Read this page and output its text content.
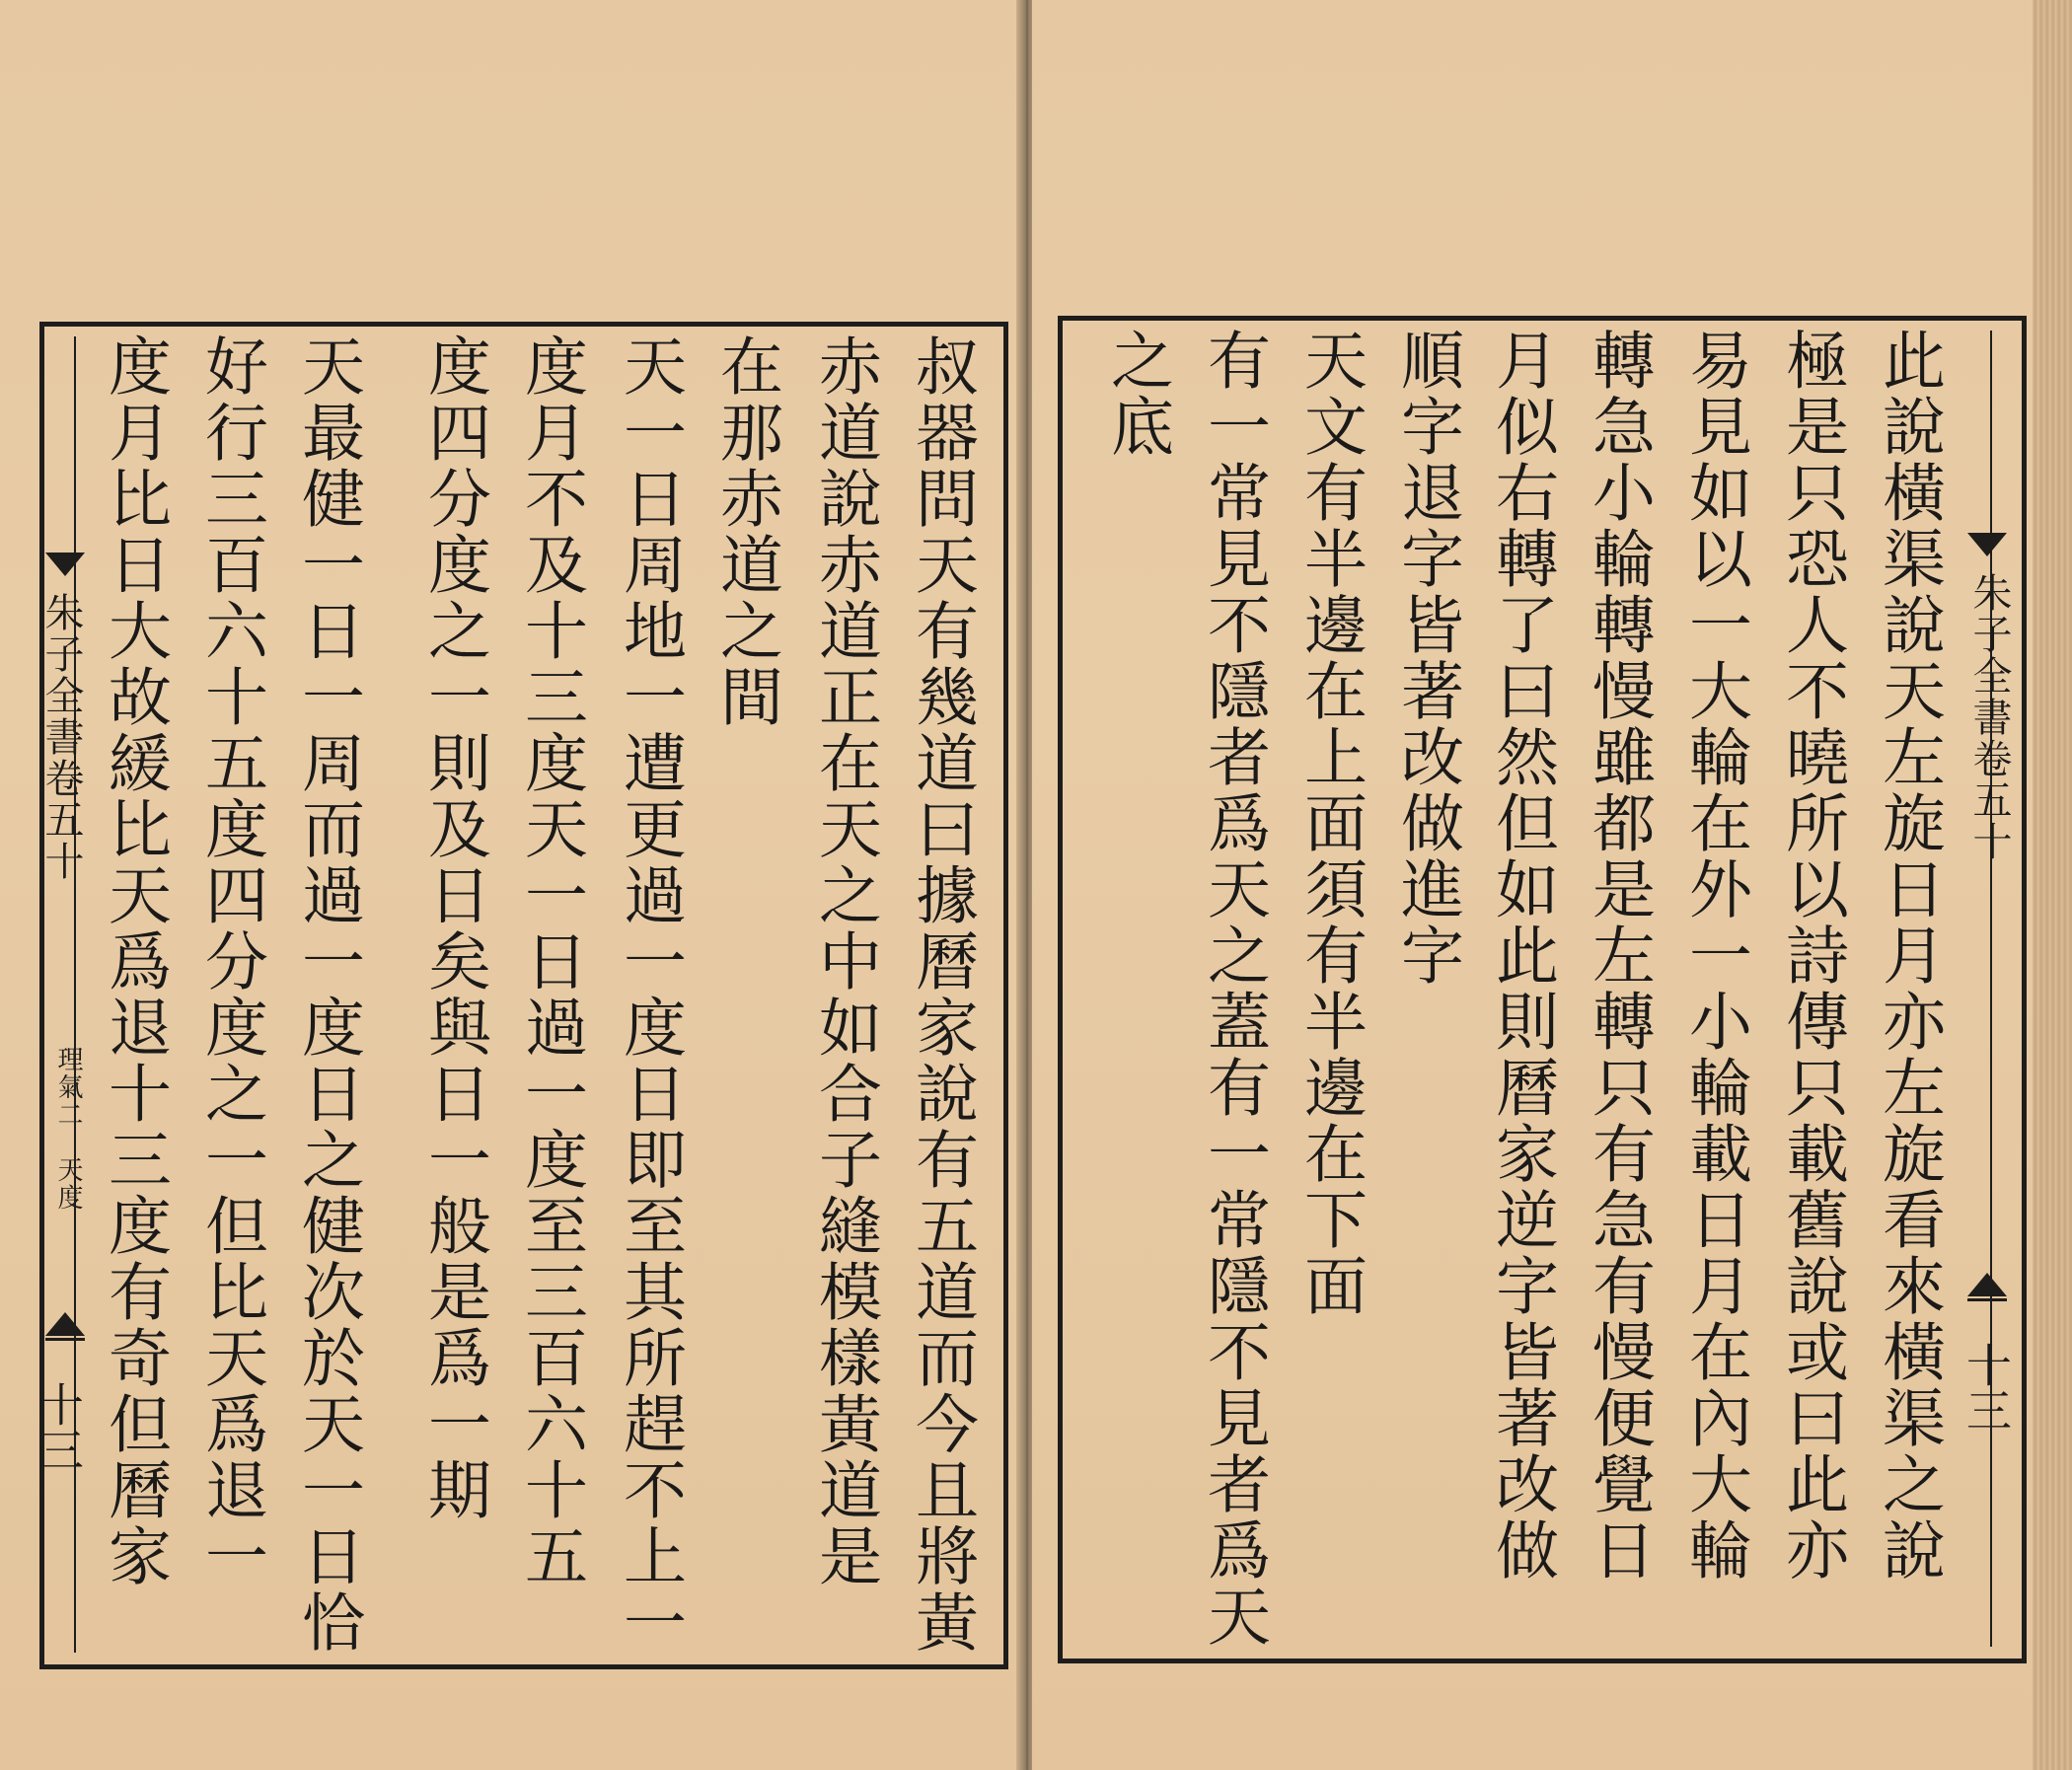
朱子全書卷五十
理氣二　天度
十三	叔器問天有幾道曰據曆家說有五道而今且將黃
赤道說赤道正在天之中如合子縫模樣黃道是
在那赤道之間
天一日周地一遭更過一度日即至其所趕不上一
度月不及十三度天一日過一度至三百六十五
度四分度之一則及日矣與日一般是爲一期
天最健一日一周而過一度日之健次於天一日恰
好行三百六十五度四分度之一但比天爲退一
度月比日大故緩比天爲退十三度有奇但曆家	朱子全書卷五十
十三
此說橫渠說天左旋日月亦左旋看來橫渠之說
極是只恐人不曉所以詩傳只載舊說或曰此亦
易見如以一大輪在外一小輪載日月在內大輪
轉急小輪轉慢雖都是左轉只有急有慢便覺日
月似右轉了曰然但如此則曆家逆字皆著改做
順字退字皆著改做進字
天文有半邊在上面須有半邊在下面
有一常見不隱者爲天之蓋有一常隱不見者爲天
之底
